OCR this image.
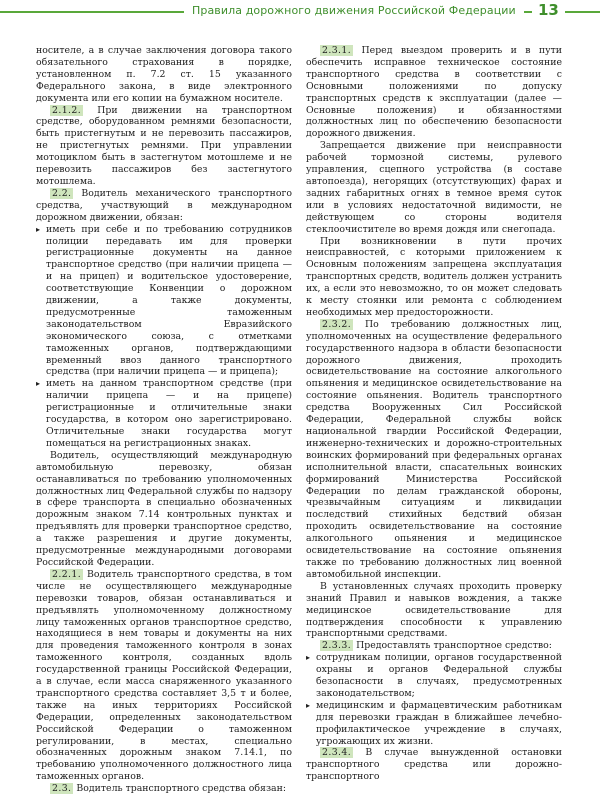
Правила дорожного движения Российской Федерации	13

носителе, а в случае заключения договора такого обязательного страхования в порядке, установленном п. 7.2 ст. 15 указанного Федерального закона, в виде электронного документа или его копии на бумажном носителе.

2.1.2. При движении на транспортном средстве, оборудованном ремнями безопасности, быть пристегнутым и не перевозить пассажиров, не пристегнутых ремнями. При управлении мотоциклом быть в застегнутом мотошлеме и не перевозить пассажиров без застегнутого мотошлема.

2.2. Водитель механического транспортного средства, участвующий в международном дорожном движении, обязан:

▸ иметь при себе и по требованию сотрудников полиции передавать им для проверки регистрационные документы на данное транспортное средство (при наличии прицепа — и на прицеп) и водительское удостоверение, соответствующие Конвенции о дорожном движении, а также документы, предусмотренные таможенным законодательством Евразийского экономического союза, с отметками таможенных органов, подтверждающими временный ввоз данного транспортного средства (при наличии прицепа — и прицепа);
▸ иметь на данном транспортном средстве (при наличии прицепа — и на прицепе) регистрационные и отличительные знаки государства, в котором оно зарегистрировано. Отличительные знаки государства могут помещаться на регистрационных знаках.

Водитель, осуществляющий международную автомобильную перевозку, обязан останавливаться по требованию уполномоченных должностных лиц Федеральной службы по надзору в сфере транспорта в специально обозначенных дорожным знаком 7.14 контрольных пунктах и предъявлять для проверки транспортное средство, а также разрешения и другие документы, предусмотренные международными договорами Российской Федерации.

2.2.1. Водитель транспортного средства, в том числе не осуществляющего международные перевозки товаров, обязан останавливаться и предъявлять уполномоченному должностному лицу таможенных органов транспортное средство, находящиеся в нем товары и документы на них для проведения таможенного контроля в зонах таможенного контроля, созданных вдоль государственной границы Российской Федерации, а в случае, если масса снаряженного указанного транспортного средства составляет 3,5 т и более, также на иных территориях Российской Федерации, определенных законодательством Российской Федерации о таможенном регулировании, в местах, специально обозначенных дорожным знаком 7.14.1, по требованию уполномоченного должностного лица таможенных органов.

2.3. Водитель транспортного средства обязан:

2.3.1. Перед выездом проверить и в пути обеспечить исправное техническое состояние транспортного средства в соответствии с Основными положениями по допуску транспортных средств к эксплуатации (далее — Основные положения) и обязанностями должностных лиц по обеспечению безопасности дорожного движения.

Запрещается движение при неисправности рабочей тормозной системы, рулевого управления, сцепного устройства (в составе автопоезда), негорящих (отсутствующих) фарах и задних габаритных огнях в темное время суток или в условиях недостаточной видимости, не действующем со стороны водителя стеклоочистителе во время дождя или снегопада.

При возникновении в пути прочих неисправностей, с которыми приложением к Основным положениям запрещена эксплуатация транспортных средств, водитель должен устранить их, а если это невозможно, то он может следовать к месту стоянки или ремонта с соблюдением необходимых мер предосторожности.

2.3.2. По требованию должностных лиц, уполномоченных на осуществление федерального государственного надзора в области безопасности дорожного движения, проходить освидетельствование на состояние алкогольного опьянения и медицинское освидетельствование на состояние опьянения. Водитель транспортного средства Вооруженных Сил Российской Федерации, Федеральной службы войск национальной гвардии Российской Федерации, инженерно-технических и дорожно-строительных воинских формирований при федеральных органах исполнительной власти, спасательных воинских формирований Министерства Российской Федерации по делам гражданской обороны, чрезвычайным ситуациям и ликвидации последствий стихийных бедствий обязан проходить освидетельствование на состояние алкогольного опьянения и медицинское освидетельствование на состояние опьянения также по требованию должностных лиц военной автомобильной инспекции.

В установленных случаях проходить проверку знаний Правил и навыков вождения, а также медицинское освидетельствование для подтверждения способности к управлению транспортными средствами.

2.3.3. Предоставлять транспортное средство:

▸ сотрудникам полиции, органов государственной охраны и органов Федеральной службы безопасности в случаях, предусмотренных законодательством;
▸ медицинским и фармацевтическим работникам для перевозки граждан в ближайшее лечебно-профилактическое учреждение в случаях, угрожающих их жизни.

2.3.4. В случае вынужденной остановки транспортного средства или дорожно-транспортного
